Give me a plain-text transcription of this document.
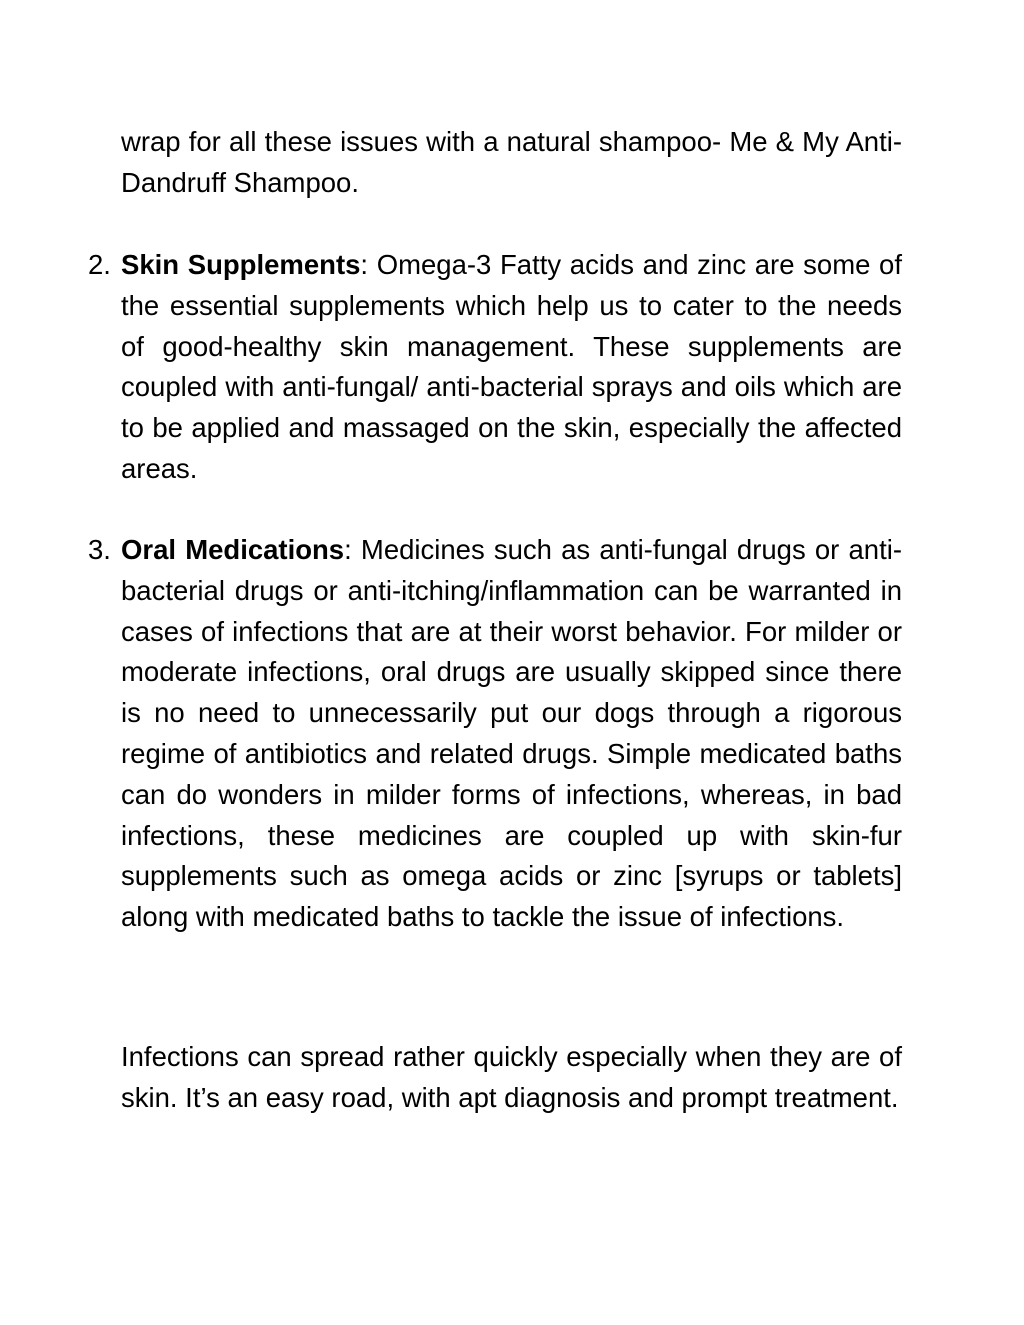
wrap for all these issues with a natural shampoo- Me & My Anti-Dandruff Shampoo.

2. Skin Supplements: Omega-3 Fatty acids and zinc are some of the essential supplements which help us to cater to the needs of good-healthy skin management. These supplements are coupled with anti-fungal/ anti-bacterial sprays and oils which are to be applied and massaged on the skin, especially the affected areas.
3. Oral Medications: Medicines such as anti-fungal drugs or anti-bacterial drugs or anti-itching/inflammation can be warranted in cases of infections that are at their worst behavior. For milder or moderate infections, oral drugs are usually skipped since there is no need to unnecessarily put our dogs through a rigorous regime of antibiotics and related drugs. Simple medicated baths can do wonders in milder forms of infections, whereas, in bad infections, these medicines are coupled up with skin-fur supplements such as omega acids or zinc [syrups or tablets] along with medicated baths to tackle the issue of infections.

Infections can spread rather quickly especially when they are of skin. It’s an easy road, with apt diagnosis and prompt treatment.
